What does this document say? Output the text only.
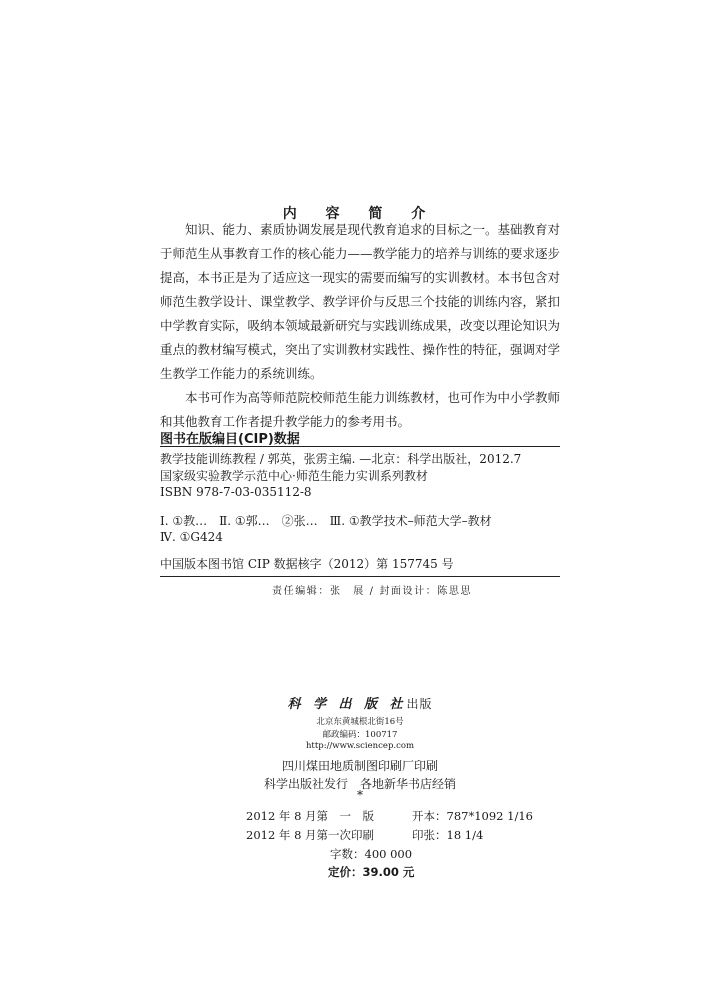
内 容 简 介

　　知识、能力、素质协调发展是现代教育追求的目标之一。基础教育对于师范生从事教育工作的核心能力——教学能力的培养与训练的要求逐步提高，本书正是为了适应这一现实的需要而编写的实训教材。本书包含对师范生教学设计、课堂教学、教学评价与反思三个技能的训练内容，紧扣中学教育实际，吸纳本领域最新研究与实践训练成果，改变以理论知识为重点的教材编写模式，突出了实训教材实践性、操作性的特征，强调对学生教学工作能力的系统训练。

　　本书可作为高等师范院校师范生能力训练教材，也可作为中小学教师和其他教育工作者提升教学能力的参考用书。

图书在版编目(CIP)数据
教学技能训练教程 / 郭英，张雳主编. —北京：科学出版社，2012.7
国家级实验教学示范中心·师范生能力实训系列教材
ISBN 978-7-03-035112-8
Ⅰ. ①教…　Ⅱ. ①郭…　②张…　Ⅲ. ①教学技术–师范大学–教材
Ⅳ. ①G424
中国版本图书馆 CIP 数据核字（2012）第 157745 号
责任编辑：张　展 / 封面设计：陈思思
科 学 出 版 社出版
北京东黄城根北街16号
邮政编码：100717
http://www.sciencep.com
四川煤田地质制图印刷厂印刷
科学出版社发行　各地新华书店经销
*
2012 年 8 月第　一　版	开本：787*1092 1/16
2012 年 8 月第一次印刷	印张：18 1/4
字数：400 000
定价：39.00 元
